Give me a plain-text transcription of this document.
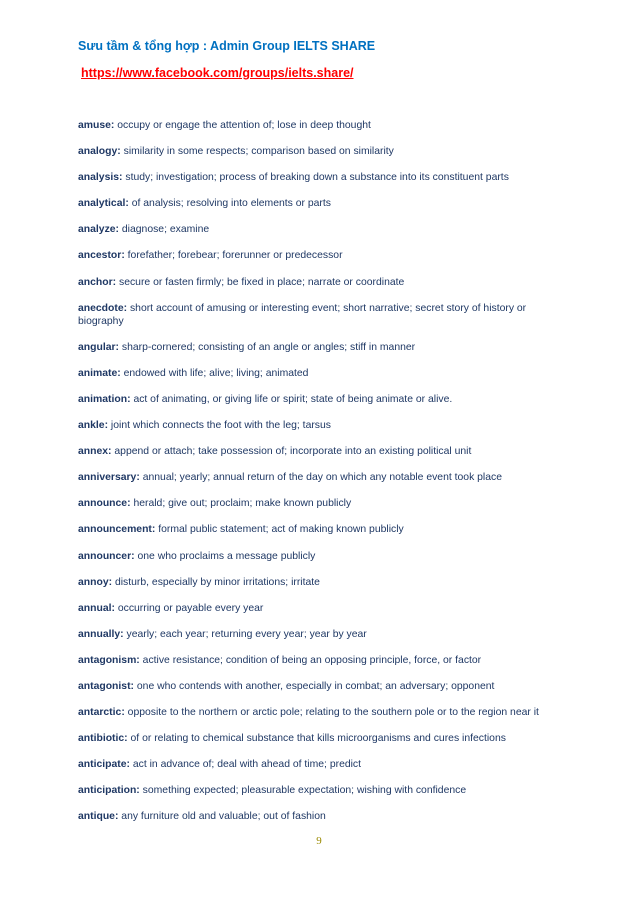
Sưu tầm & tổng hợp : Admin Group IELTS SHARE
https://www.facebook.com/groups/ielts.share/

amuse: occupy or engage the attention of; lose in deep thought

analogy: similarity in some respects; comparison based on similarity

analysis: study; investigation; process of breaking down a substance into its constituent parts

analytical: of analysis; resolving into elements or parts

analyze: diagnose; examine

ancestor: forefather; forebear; forerunner or predecessor

anchor: secure or fasten firmly; be fixed in place; narrate or coordinate

anecdote: short account of amusing or interesting event; short narrative; secret story of history or biography

angular: sharp-cornered; consisting of an angle or angles; stiff in manner

animate: endowed with life; alive; living; animated

animation: act of animating, or giving life or spirit; state of being animate or alive.

ankle: joint which connects the foot with the leg; tarsus

annex: append or attach; take possession of; incorporate into an existing political unit

anniversary: annual; yearly; annual return of the day on which any notable event took place

announce: herald; give out; proclaim; make known publicly

announcement: formal public statement; act of making known publicly

announcer: one who proclaims a message publicly

annoy: disturb, especially by minor irritations; irritate

annual: occurring or payable every year

annually: yearly; each year; returning every year; year by year

antagonism: active resistance; condition of being an opposing principle, force, or factor

antagonist: one who contends with another, especially in combat; an adversary; opponent

antarctic: opposite to the northern or arctic pole; relating to the southern pole or to the region near it

antibiotic: of or relating to chemical substance that kills microorganisms and cures infections

anticipate: act in advance of; deal with ahead of time; predict

anticipation: something expected; pleasurable expectation; wishing with confidence

antique: any furniture old and valuable; out of fashion

9
